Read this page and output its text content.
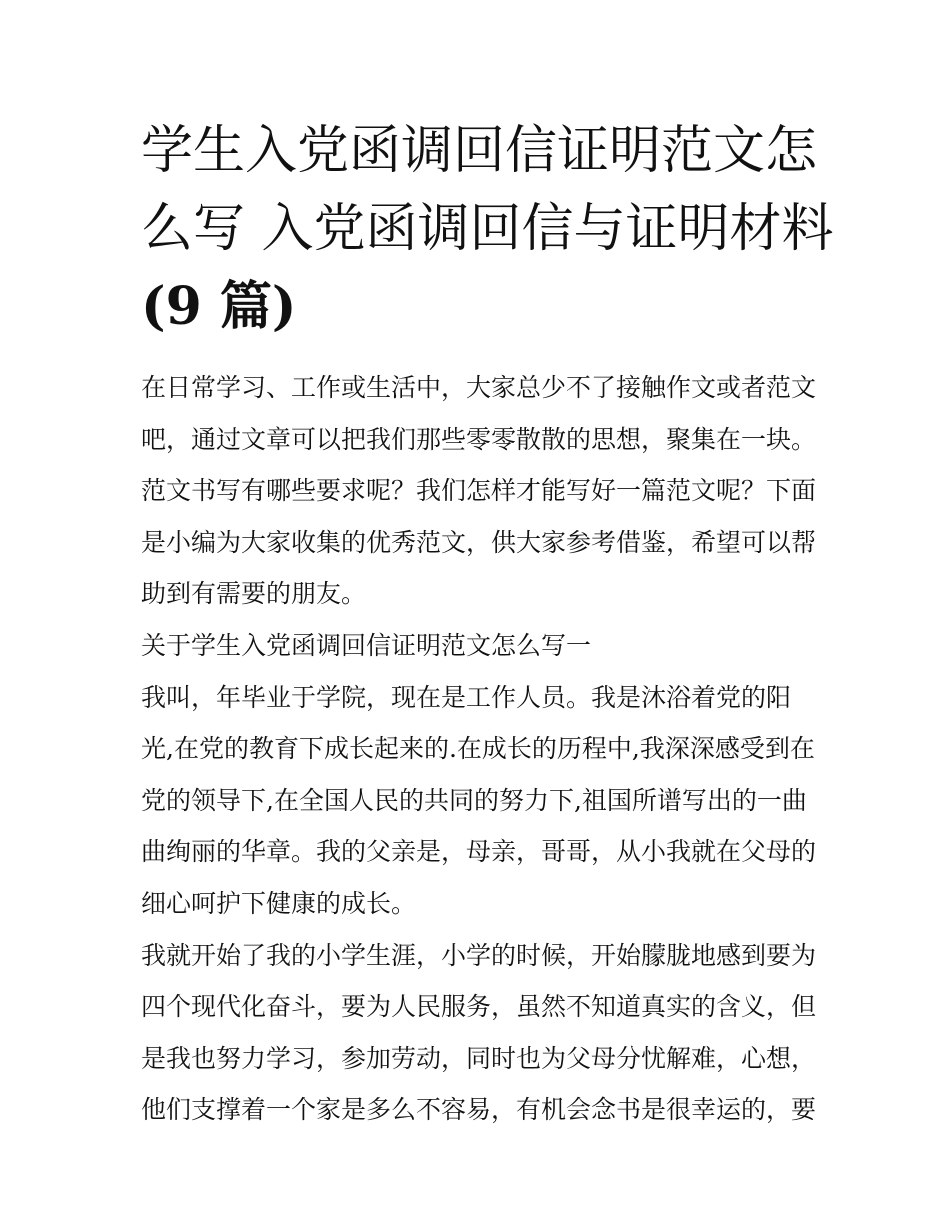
学生入党函调回信证明范文怎
么写 入党函调回信与证明材料
(9 篇)
在日常学习、工作或生活中，大家总少不了接触作文或者范文
吧，通过文章可以把我们那些零零散散的思想，聚集在一块。
范文书写有哪些要求呢？我们怎样才能写好一篇范文呢？下面
是小编为大家收集的优秀范文，供大家参考借鉴，希望可以帮
助到有需要的朋友。
关于学生入党函调回信证明范文怎么写一
我叫，年毕业于学院，现在是工作人员。我是沐浴着党的阳
光,在党的教育下成长起来的.在成长的历程中,我深深感受到在
党的领导下,在全国人民的共同的努力下,祖国所谱写出的一曲
曲绚丽的华章。我的父亲是，母亲，哥哥，从小我就在父母的
细心呵护下健康的成长。
我就开始了我的小学生涯，小学的时候，开始朦胧地感到要为
四个现代化奋斗，要为人民服务，虽然不知道真实的含义，但
是我也努力学习，参加劳动，同时也为父母分忧解难，心想，
他们支撑着一个家是多么不容易，有机会念书是很幸运的，要
